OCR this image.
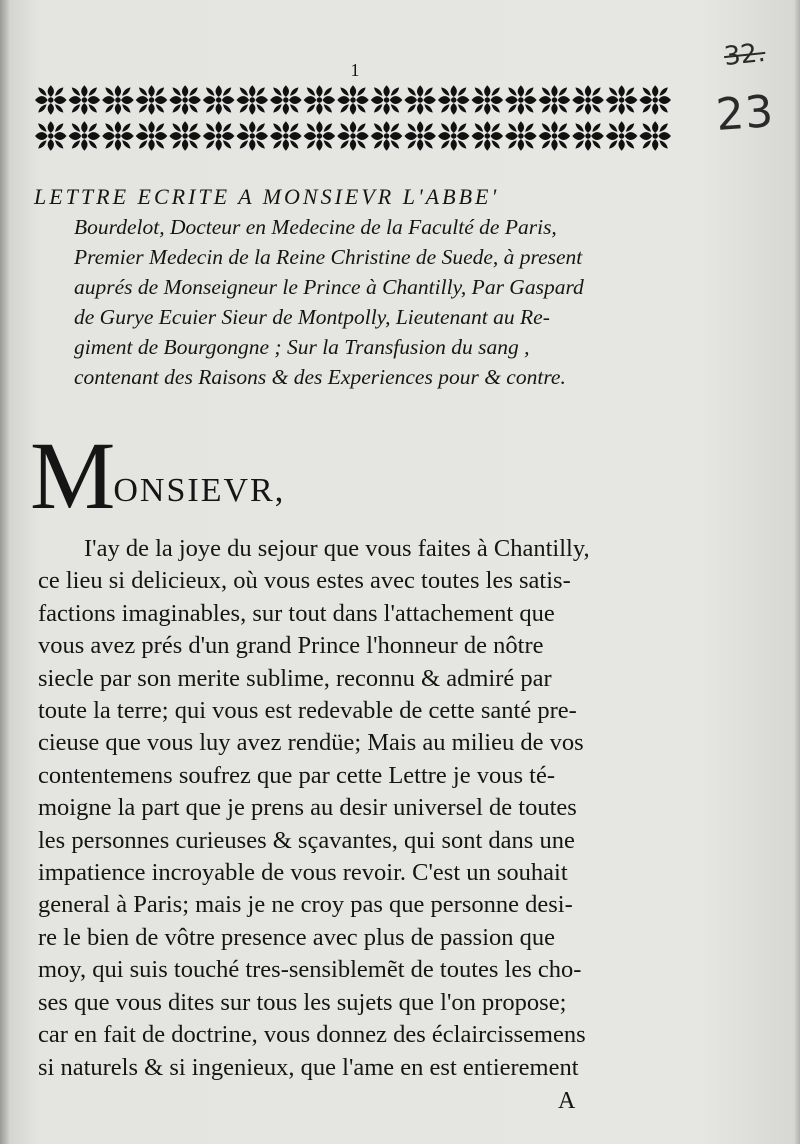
1	32.
23
LETTRE ECRITE A MONSIEVR L'ABBE'
Bourdelot, Docteur en Medecine de la Faculté de Paris,
Premier Medecin de la Reine Christine de Suede, à present
auprés de Monseigneur le Prince à Chantilly, Par Gaspard
de Gurye Ecuier Sieur de Montpolly, Lieutenant au Re-
giment de Bourgongne ; Sur la Transfusion du sang ,
contenant des Raisons & des Experiences pour & contre.
MONSIEVR,
I'ay de la joye du sejour que vous faites à Chantilly,
ce lieu si delicieux, où vous estes avec toutes les satis-
factions imaginables, sur tout dans l'attachement que
vous avez prés d'un grand Prince l'honneur de nôtre
siecle par son merite sublime, reconnu & admiré par
toute la terre; qui vous est redevable de cette santé pre-
cieuse que vous luy avez rendüe; Mais au milieu de vos
contentemens soufrez que par cette Lettre je vous té-
moigne la part que je prens au desir universel de toutes
les personnes curieuses & sçavantes, qui sont dans une
impatience incroyable de vous revoir. C'est un souhait
general à Paris; mais je ne croy pas que personne desi-
re le bien de vôtre presence avec plus de passion que
moy, qui suis touché tres-sensiblemẽt de toutes les cho-
ses que vous dites sur tous les sujets que l'on propose;
car en fait de doctrine, vous donnez des éclaircissemens
si naturels & si ingenieux, que l'ame en est entierement
A
